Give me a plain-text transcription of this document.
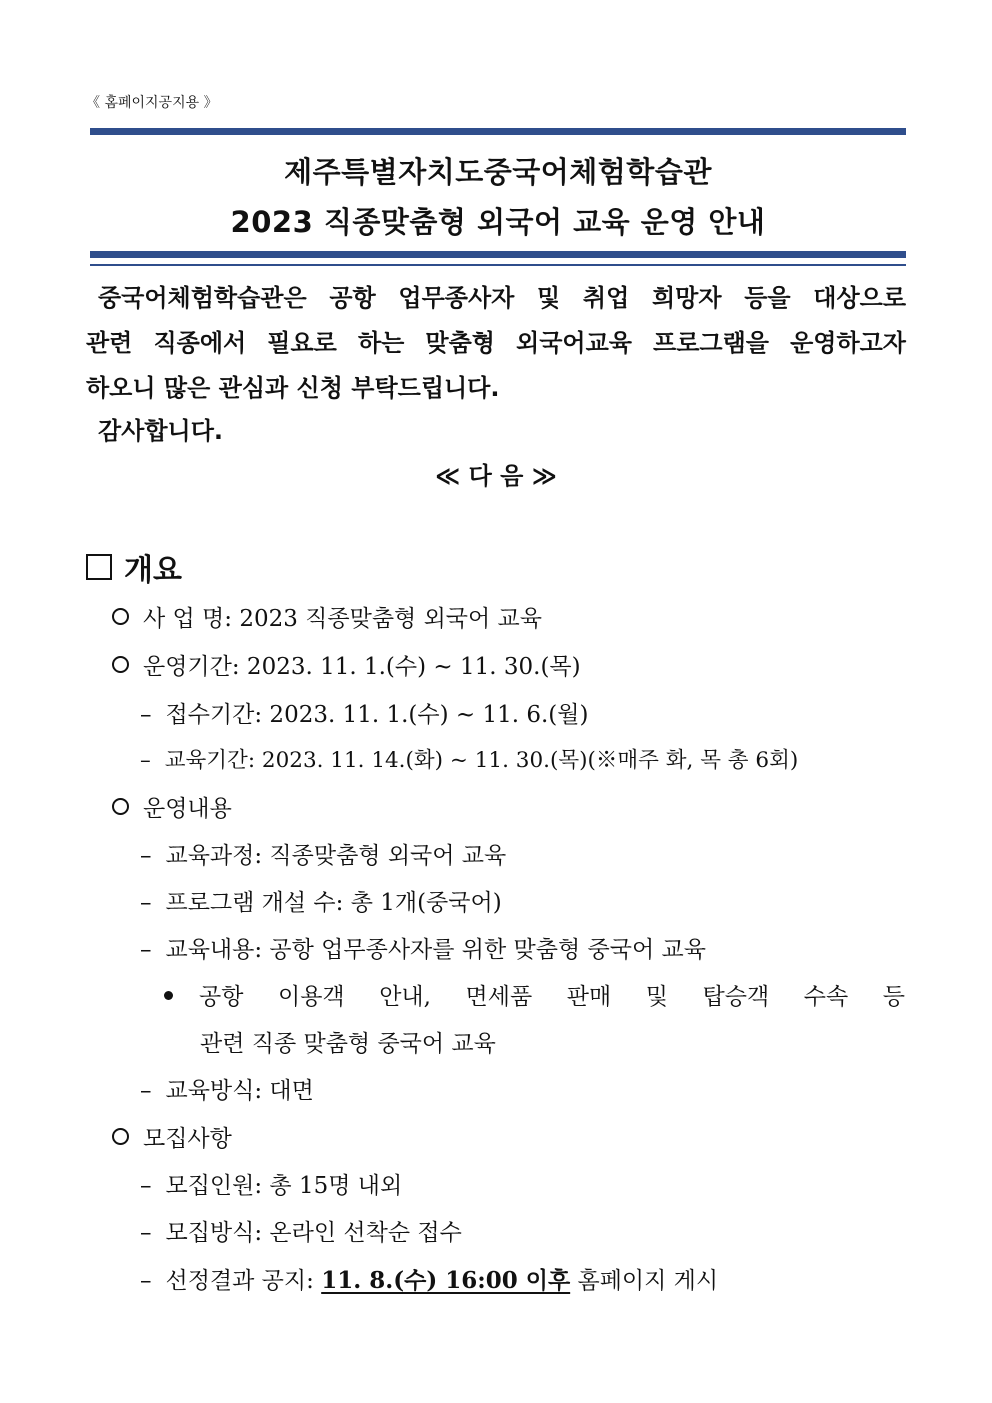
《 홈페이지공지용 》
제주특별자치도중국어체험학습관
2023 직종맞춤형 외국어 교육 운영 안내
중국어체험학습관은 공항 업무종사자 및 취업 희망자 등을 대상으로
관련 직종에서 필요로 하는 맞춤형 외국어교육 프로그램을 운영하고자
하오니 많은 관심과 신청 부탁드립니다.
감사합니다.
≪ 다 음 ≫
개요
사 업 명: 2023 직종맞춤형 외국어 교육
운영기간: 2023. 11. 1.(수) ~ 11. 30.(목)
– 접수기간: 2023. 11. 1.(수) ~ 11. 6.(월)
– 교육기간: 2023. 11. 14.(화) ~ 11. 30.(목)(※매주 화, 목 총 6회)
운영내용
– 교육과정: 직종맞춤형 외국어 교육
– 프로그램 개설 수: 총 1개(중국어)
– 교육내용: 공항 업무종사자를 위한 맞춤형 중국어 교육
공항 이용객 안내, 면세품 판매 및 탑승객 수속 등
관련 직종 맞춤형 중국어 교육
– 교육방식: 대면
모집사항
– 모집인원: 총 15명 내외
– 모집방식: 온라인 선착순 접수
– 선정결과 공지: 11. 8.(수) 16:00 이후 홈페이지 게시
